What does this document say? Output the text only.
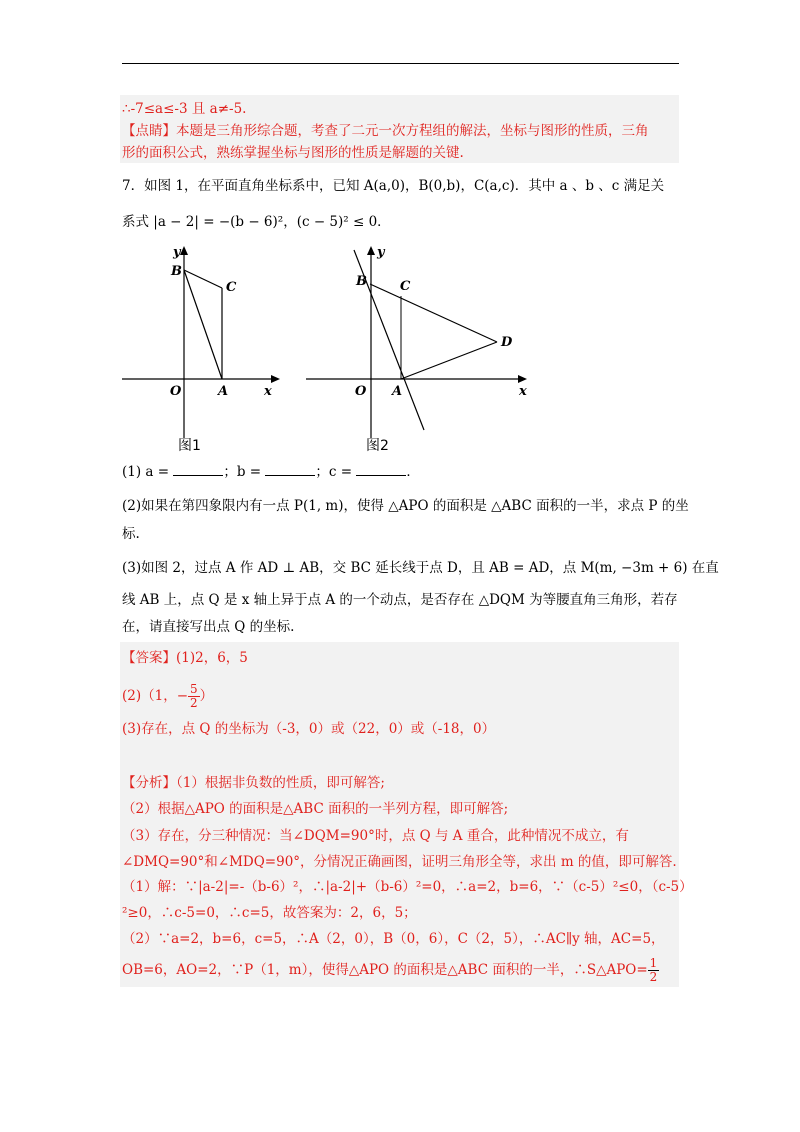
∴-7≤a≤-3 且 a≠-5.
【点睛】本题是三角形综合题，考查了二元一次方程组的解法，坐标与图形的性质，三角
形的面积公式，熟练掌握坐标与图形的性质是解题的关键.
7．如图 1，在平面直角坐标系中，已知 A(a,0)，B(0,b)，C(a,c)．其中 a 、b 、c 满足关
系式 |a − 2| = −(b − 6)²，(c − 5)² ≤ 0．
y
B
C
O	A	x
图1
y
B	C
D
O A	x
图2
(1) a =	；b =	；c =	．
(2)如果在第四象限内有一点 P(1, m)，使得 △APO 的面积是 △ABC 面积的一半，求点 P 的坐
标.
(3)如图 2，过点 A 作 AD ⊥ AB，交 BC 延长线于点 D，且 AB = AD，点 M(m, −3m + 6) 在直
线 AB 上，点 Q 是 x 轴上异于点 A 的一个动点，是否存在 △DQM 为等腰直角三角形，若存
在，请直接写出点 Q 的坐标.
【答案】(1)2，6，5
(2)（1，− $\frac{5}{2}$ ）
(3)存在，点 Q 的坐标为（-3，0）或（22，0）或（-18，0）
【分析】（1）根据非负数的性质，即可解答;
（2）根据△APO 的面积是△ABC 面积的一半列方程，即可解答;
（3）存在，分三种情况：当∠DQM=90°时，点 Q 与 A 重合，此种情况不成立，有
∠DMQ=90°和∠MDQ=90°，分情况正确画图，证明三角形全等，求出 m 的值，即可解答.
（1）解：∵|a-2|=-（b-6）²，∴|a-2|+（b-6）²=0，∴a=2，b=6，∵（c-5）²≤0，（c-5）
²≥0，∴c-5=0，∴c=5，故答案为：2，6，5；
（2）∵a=2，b=6，c=5，∴A（2，0），B（0，6），C（2，5），∴AC∥y 轴，AC=5，
OB=6，AO=2，∵P（1，m），使得△APO 的面积是△ABC 面积的一半，∴S△APO= $\frac{1}{2}$
